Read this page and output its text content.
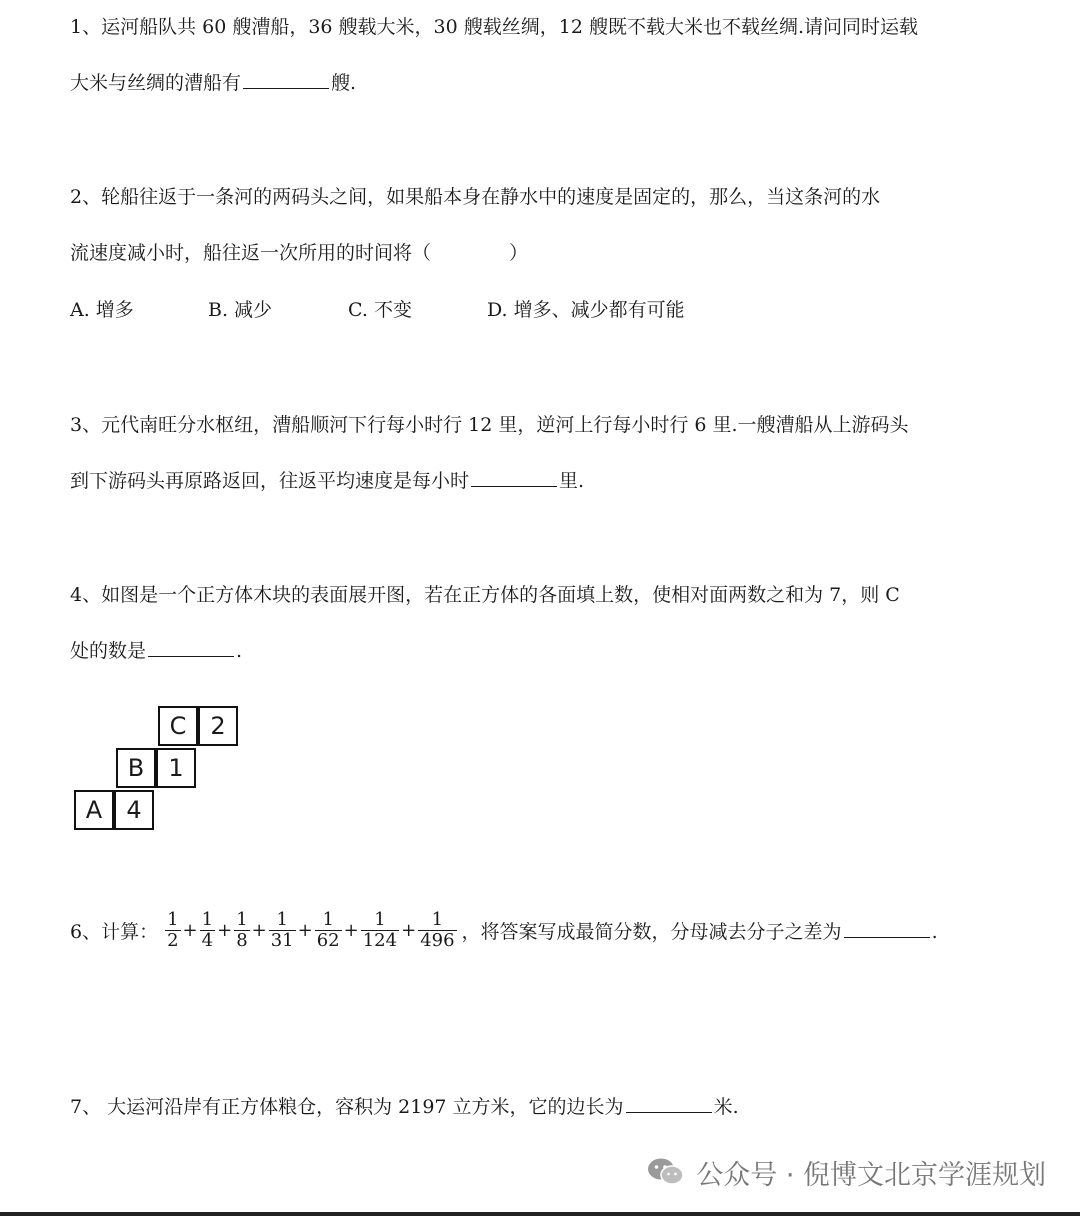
1、运河船队共 60 艘漕船，36 艘载大米，30 艘载丝绸，12 艘既不载大米也不载丝绸.请问同时运载
大米与丝绸的漕船有	艘.
2、轮船往返于一条河的两码头之间，如果船本身在静水中的速度是固定的，那么，当这条河的水
流速度减小时，船往返一次所用的时间将（	）
A. 增多	B. 减少	C. 不变	D. 增多、减少都有可能
3、元代南旺分水枢纽，漕船顺河下行每小时行 12 里，逆河上行每小时行 6 里.一艘漕船从上游码头
到下游码头再原路返回，往返平均速度是每小时	里.
4、如图是一个正方体木块的表面展开图，若在正方体的各面填上数，使相对面两数之和为 7，则 C
处的数是	.
C 2
B	1
A	4
6、计算： $\frac{1}{2} + \frac{1}{4} + \frac{1}{8} + \frac{1}{31} + \frac{1}{62} + \frac{1}{124} + \frac{1}{496}$ ，将答案写成最简分数，分母减去分子之差为	.
7、 大运河沿岸有正方体粮仓，容积为 2197 立方米，它的边长为	米.
公众号 · 倪博文北京学涯规划
